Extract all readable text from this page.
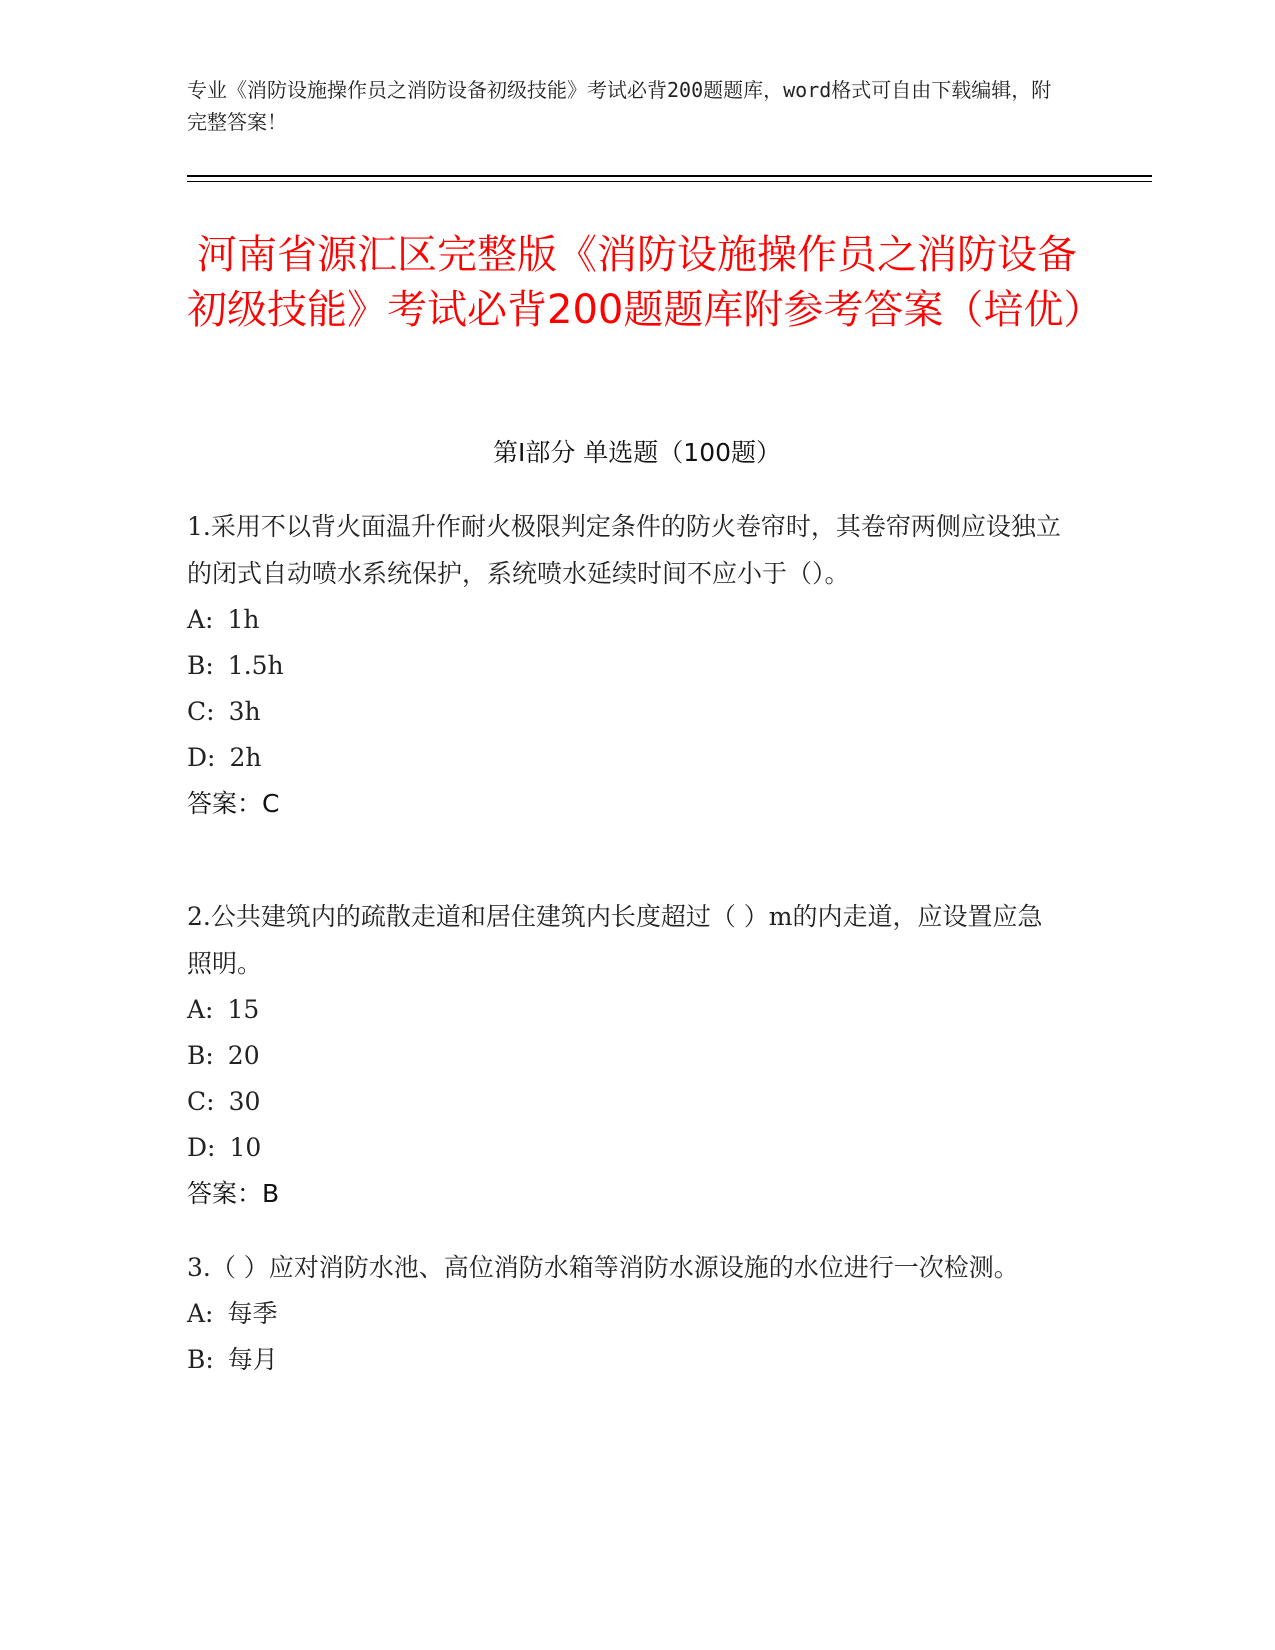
专业《消防设施操作员之消防设备初级技能》考试必背200题题库，word格式可自由下载编辑，附完整答案！
河南省源汇区完整版《消防设施操作员之消防设备初级技能》考试必背200题题库附参考答案（培优）
第Ⅰ部分 单选题（100题）
1.采用不以背火面温升作耐火极限判定条件的防火卷帘时，其卷帘两侧应设独立的闭式自动喷水系统保护，系统喷水延续时间不应小于（）。
A: 1h
B: 1.5h
C: 3h
D: 2h
答案：C
2.公共建筑内的疏散走道和居住建筑内长度超过（ ）m的内走道，应设置应急照明。
A: 15
B: 20
C: 30
D: 10
答案：B
3.（ ）应对消防水池、高位消防水箱等消防水源设施的水位进行一次检测。
A: 每季
B: 每月
